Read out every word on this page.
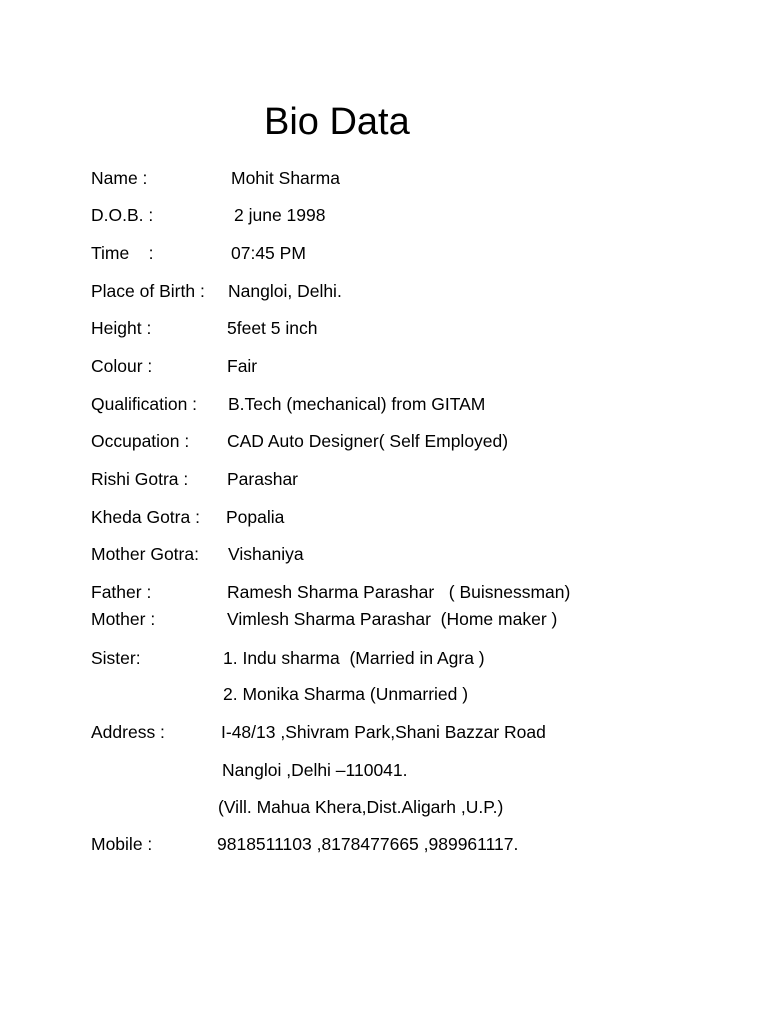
Bio Data
Name :	Mohit Sharma
D.O.B. :	2 june 1998
Time    :	07:45 PM
Place of Birth : Nangloi, Delhi.
Height :	5feet 5 inch
Colour :	Fair
Qualification : B.Tech (mechanical) from GITAM
Occupation : CAD Auto Designer( Self Employed)
Rishi Gotra : Parashar
Kheda Gotra : Popalia
Mother Gotra: Vishaniya
Father :	Ramesh Sharma Parashar   ( Buisnessman)
Mother :	Vimlesh Sharma Parashar  (Home maker )
Sister:	1. Indu sharma  (Married in Agra )
2. Monika Sharma (Unmarried )
Address :	I-48/13 ,Shivram Park,Shani Bazzar Road
Nangloi ,Delhi –110041.
(Vill. Mahua Khera,Dist.Aligarh ,U.P.)
Mobile :	9818511103 ,8178477665 ,989961117.
